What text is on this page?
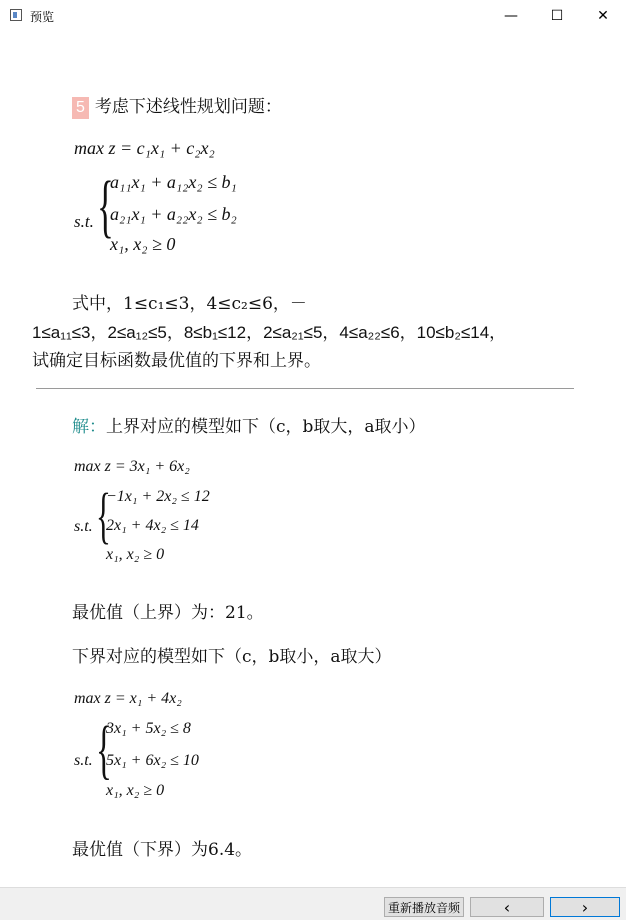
预览	—	☐	✕
5 考虑下述线性规划问题：
max z = c₁x₁ + c₂x₂
s.t. {
a₁₁x₁ + a₁₂x₂ ≤ b₁
a₂₁x₁ + a₂₂x₂ ≤ b₂
x₁, x₂ ≥ 0
式中，1≤c₁≤3，4≤c₂≤6，－
1≤a₁₁≤3，2≤a₁₂≤5，8≤b₁≤12，2≤a₂₁≤5，4≤a₂₂≤6，10≤b₂≤14，
试确定目标函数最优值的下界和上界。
解：上界对应的模型如下（c，b取大，a取小）
max z = 3x₁ + 6x₂
s.t. {
−1x₁ + 2x₂ ≤ 12
2x₁ + 4x₂ ≤ 14
x₁, x₂ ≥ 0
最优值（上界）为：21。
下界对应的模型如下（c，b取小，a取大）
max z = x₁ + 4x₂
s.t. {
3x₁ + 5x₂ ≤ 8
5x₁ + 6x₂ ≤ 10
x₁, x₂ ≥ 0
最优值（下界）为6.4。
重新播放音频	‹	›
